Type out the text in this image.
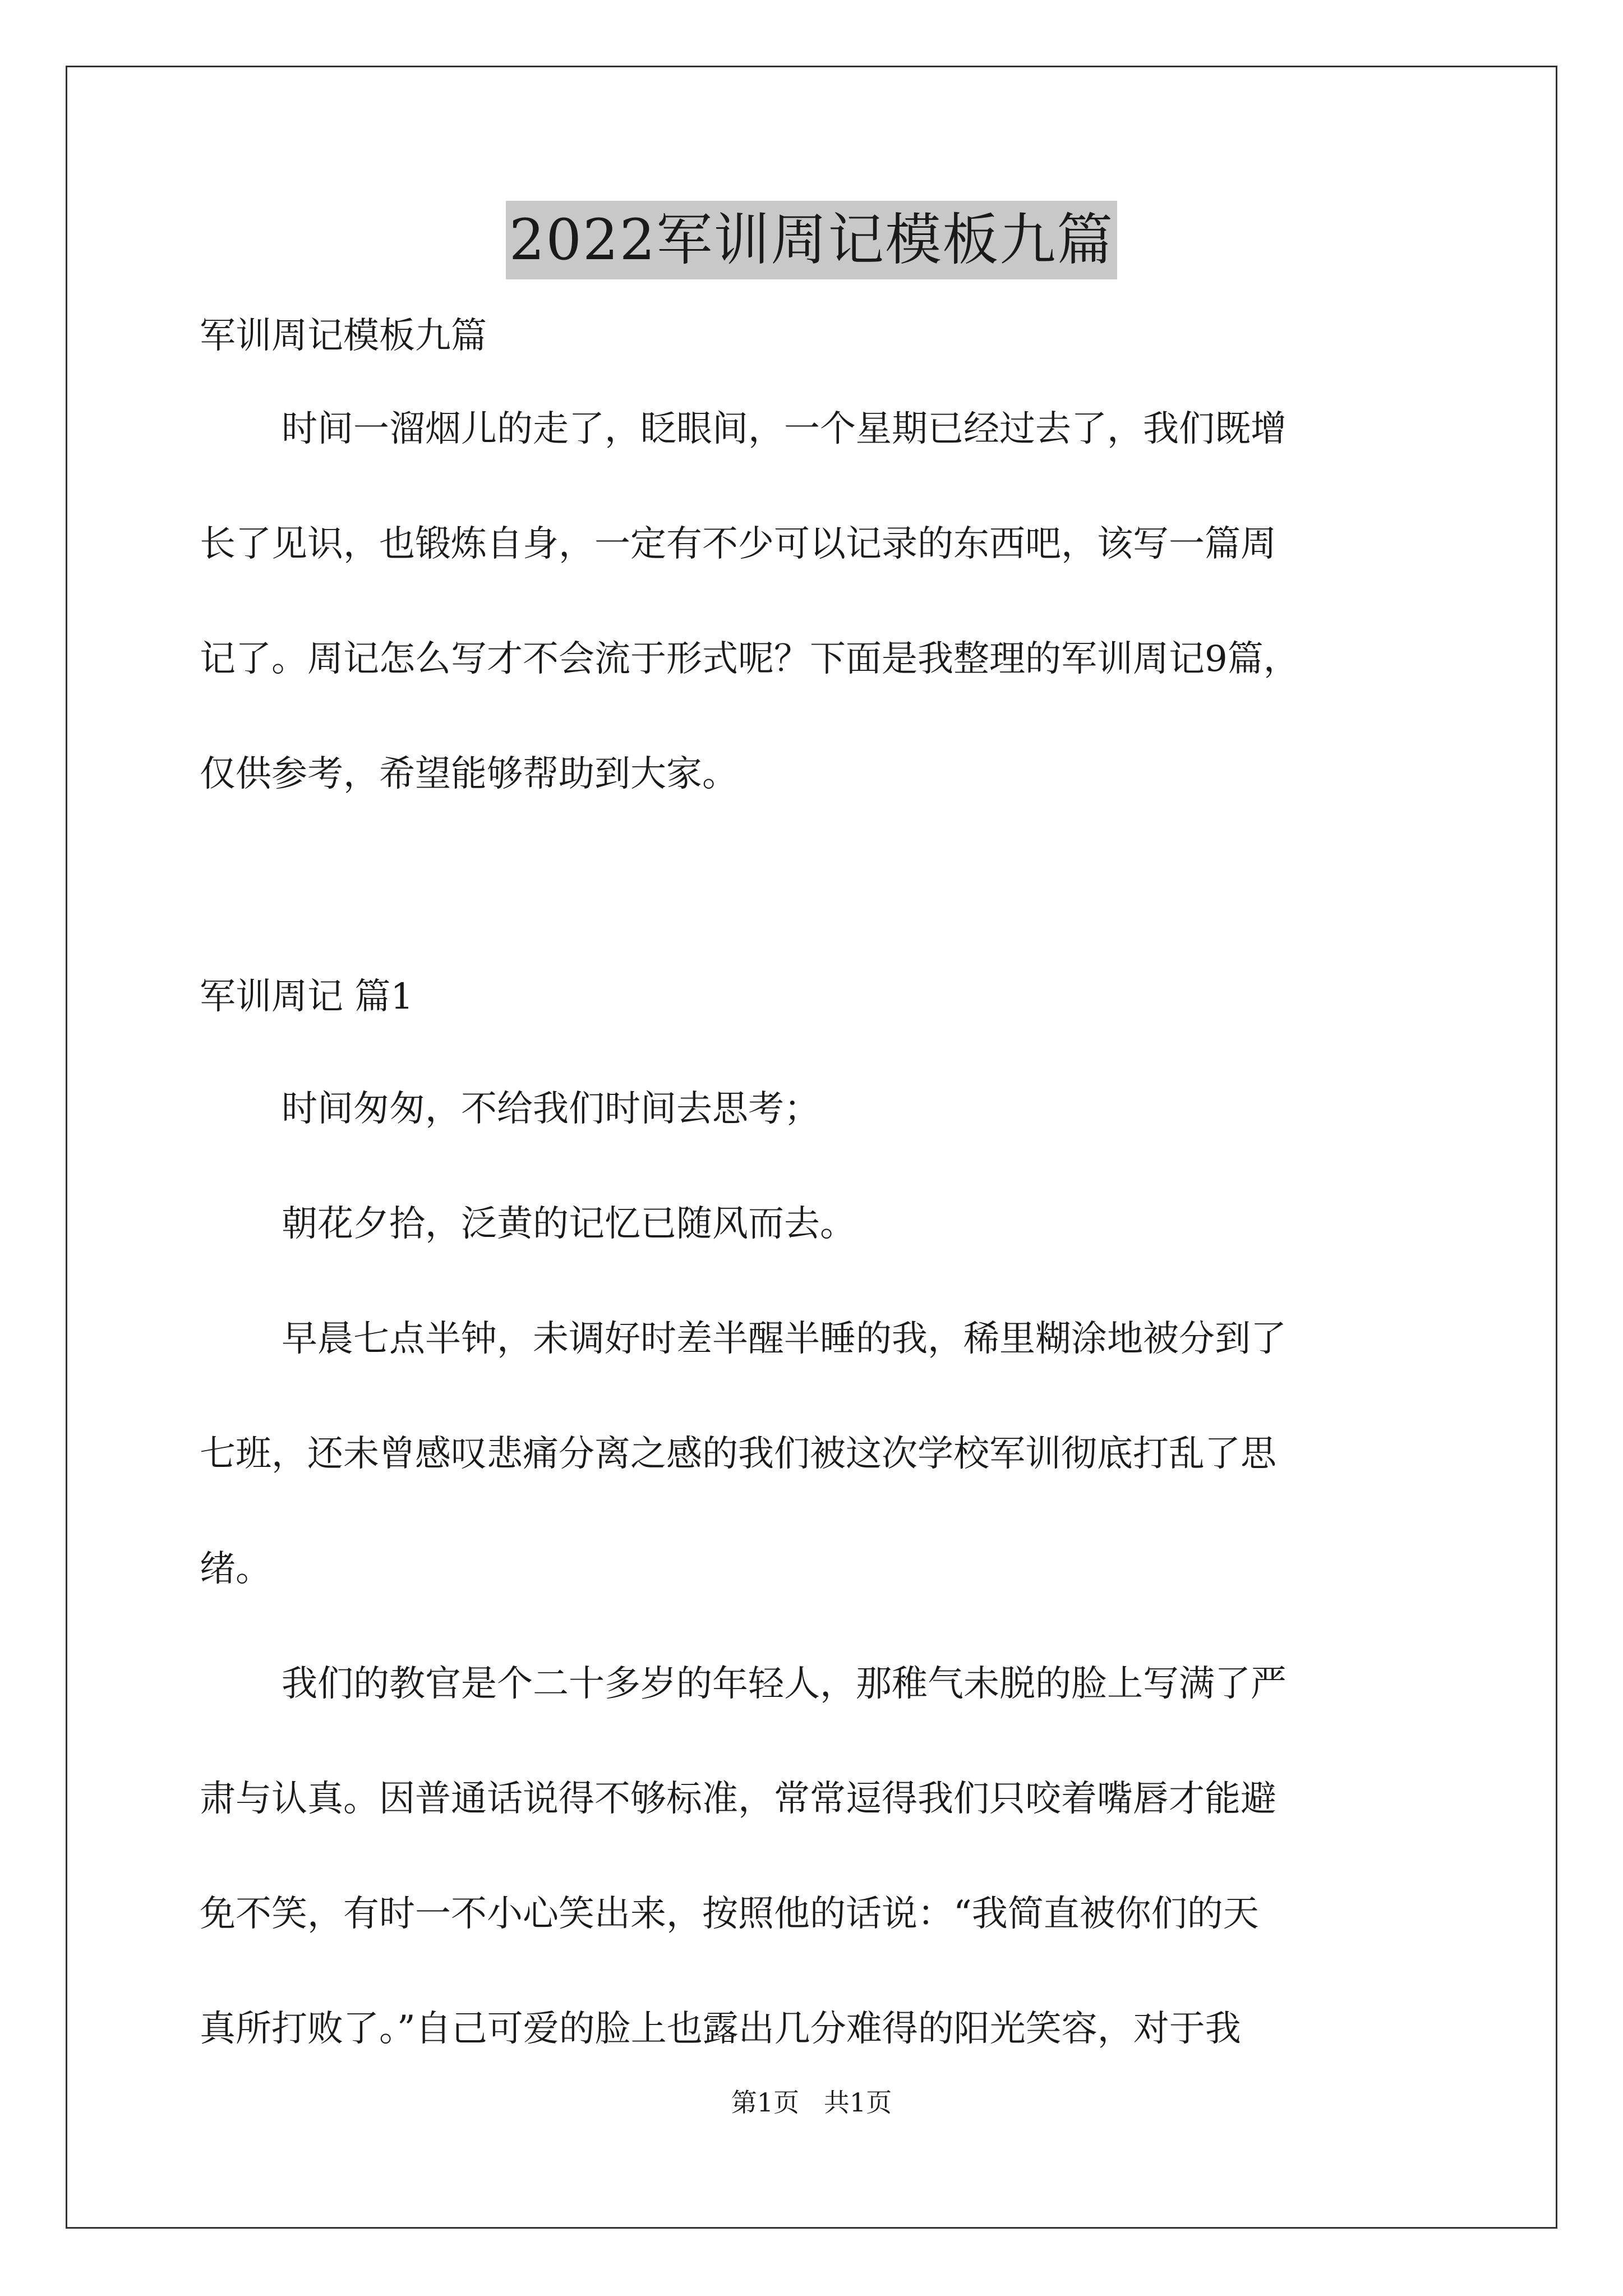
2022军训周记模板九篇

军训周记模板九篇

时间一溜烟儿的走了，眨眼间，一个星期已经过去了，我们既增
长了见识，也锻炼自身，一定有不少可以记录的东西吧，该写一篇周
记了。周记怎么写才不会流于形式呢？下面是我整理的军训周记9篇，
仅供参考，希望能够帮助到大家。

军训周记 篇1

时间匆匆，不给我们时间去思考；

朝花夕拾，泛黄的记忆已随风而去。

早晨七点半钟，未调好时差半醒半睡的我，稀里糊涂地被分到了
七班，还未曾感叹悲痛分离之感的我们被这次学校军训彻底打乱了思
绪。

我们的教官是个二十多岁的年轻人，那稚气未脱的脸上写满了严
肃与认真。因普通话说得不够标准，常常逗得我们只咬着嘴唇才能避
免不笑，有时一不小心笑出来，按照他的话说：“我简直被你们的天
真所打败了。”自己可爱的脸上也露出几分难得的阳光笑容，对于我

第1页   共1页
